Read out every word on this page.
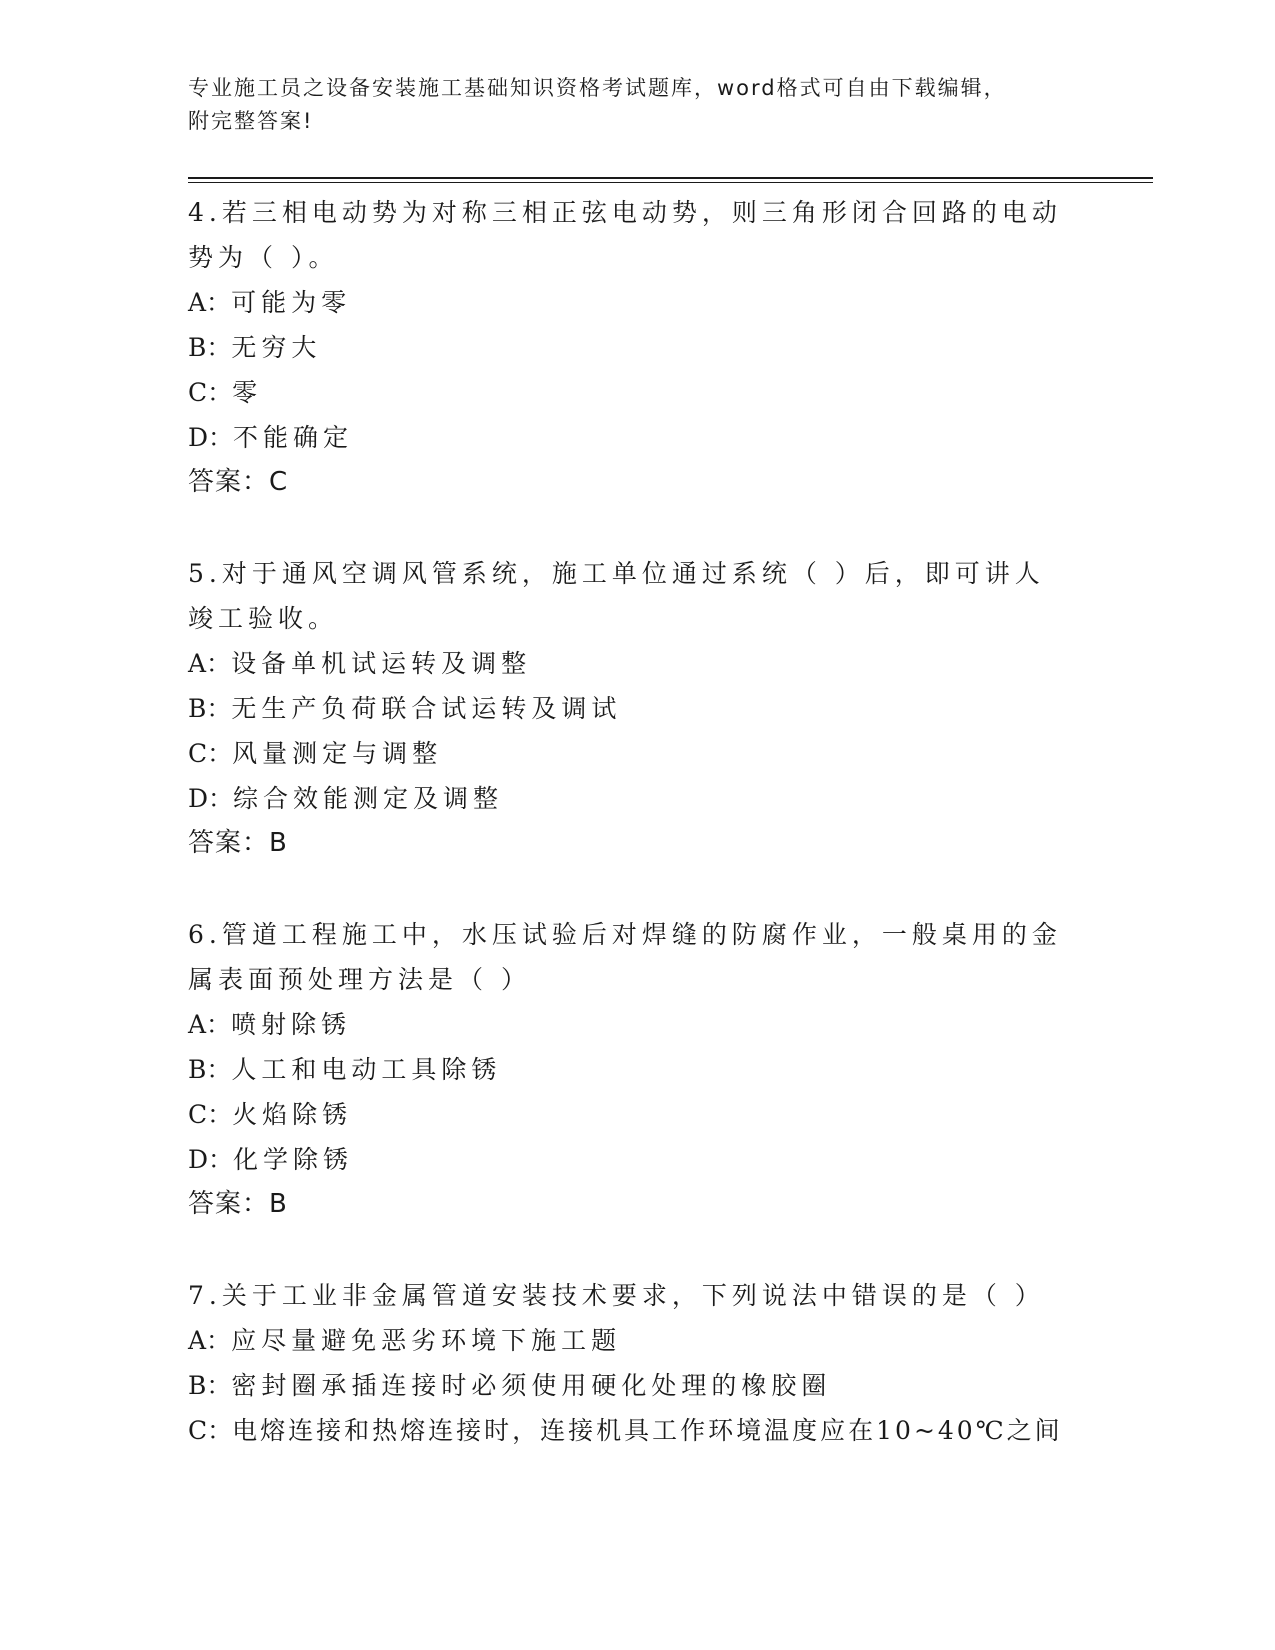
专业施工员之设备安装施工基础知识资格考试题库，word格式可自由下载编辑，
附完整答案!
4.若三相电动势为对称三相正弦电动势，则三角形闭合回路的电动势为（ ）。
A：可能为零
B：无穷大
C：零
D：不能确定
答案：C
5.对于通风空调风管系统，施工单位通过系统（ ）后，即可讲人竣工验收。
A：设备单机试运转及调整
B：无生产负荷联合试运转及调试
C：风量测定与调整
D：综合效能测定及调整
答案：B
6.管道工程施工中，水压试验后对焊缝的防腐作业，一般桌用的金属表面预处理方法是（ ）
A：喷射除锈
B：人工和电动工具除锈
C：火焰除锈
D：化学除锈
答案：B
7.关于工业非金属管道安装技术要求，下列说法中错误的是（ ）
A：应尽量避免恶劣环境下施工题
B：密封圈承插连接时必须使用硬化处理的橡胶圈
C：电熔连接和热熔连接时，连接机具工作环境温度应在10~40℃之间
